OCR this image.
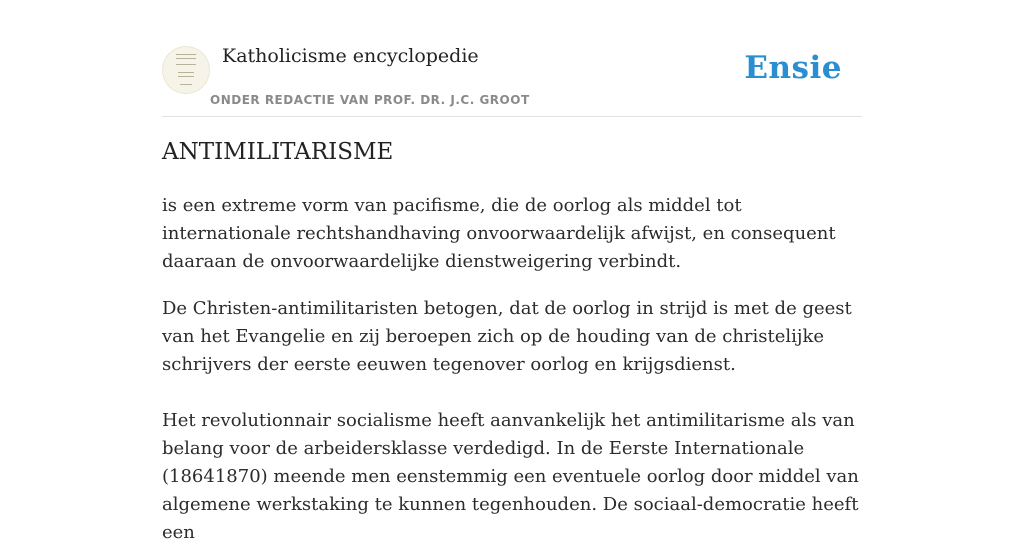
Katholicisme encyclopedie
ONDER REDACTIE VAN PROF. DR. J.C. GROOT
Ensie
ANTIMILITARISME

is een extreme vorm van pacifisme, die de oorlog als middel tot internationale rechtshandhaving onvoorwaardelijk afwijst, en consequent daaraan de onvoorwaardelijke dienstweigering verbindt.

De Christen-antimilitaristen betogen, dat de oorlog in strijd is met de geest van het Evangelie en zij beroepen zich op de houding van de christelijke schrijvers der eerste eeuwen tegenover oorlog en krijgsdienst.

Het revolutionnair socialisme heeft aanvankelijk het antimilitarisme als van belang voor de arbeidersklasse verdedigd. In de Eerste Internationale (18641870) meende men eenstemmig een eventuele oorlog door middel van algemene werkstaking te kunnen tegenhouden. De sociaal-democratie heeft een
